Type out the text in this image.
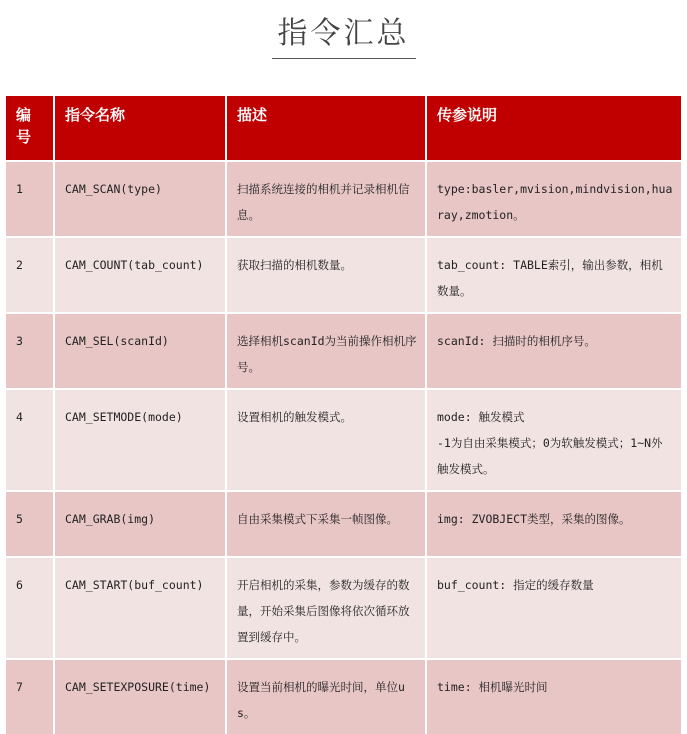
指令汇总
编号	指令名称	描述	传参说明
1	CAM_SCAN(type)	扫描系统连接的相机并记录相机信息。	type:basler,mvision,mindvision,huaray,zmotion。

2	CAM_COUNT(tab_count)	获取扫描的相机数量。	tab_count: TABLE索引，输出参数，相机数量。

3	CAM_SEL(scanId)	选择相机scanId为当前操作相机序号。	scanId: 扫描时的相机序号。

4	CAM_SETMODE(mode)	设置相机的触发模式。	mode: 触发模式
-1为自由采集模式；0为软触发模式；1~N外触发模式。

5	CAM_GRAB(img)	自由采集模式下采集一帧图像。	img: ZVOBJECT类型，采集的图像。

6	CAM_START(buf_count)	开启相机的采集，参数为缓存的数量，开始采集后图像将依次循环放置到缓存中。	buf_count: 指定的缓存数量

7	CAM_SETEXPOSURE(time)	设置当前相机的曝光时间，单位us。	time: 相机曝光时间
